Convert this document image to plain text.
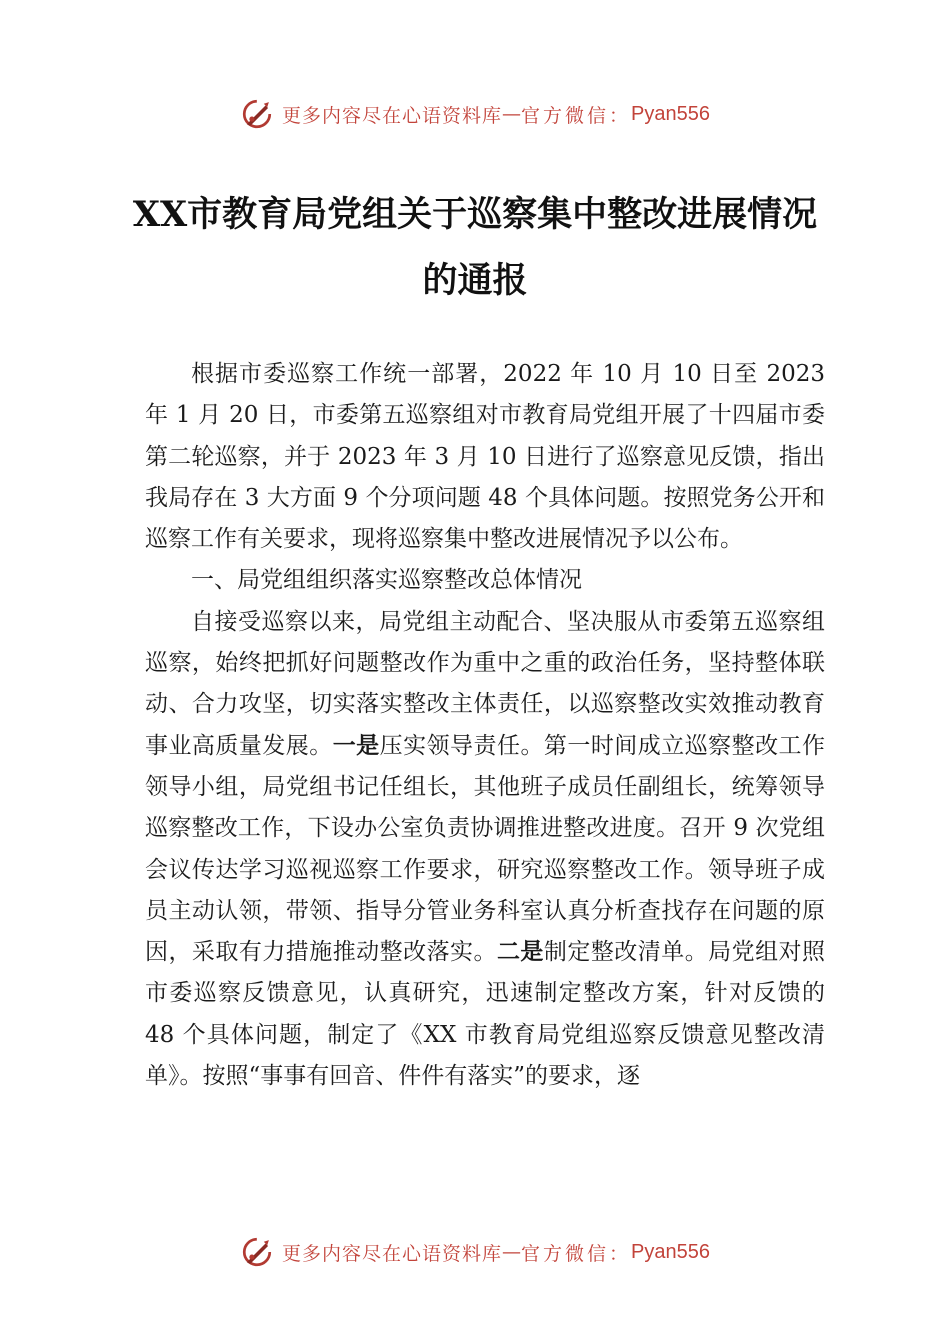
更多内容尽在心语资料库 — 官方微信： Pyan556
XX市教育局党组关于巡察集中整改进展情况的通报

根据市委巡察工作统一部署，2022 年 10 月 10 日至 2023 年 1 月 20 日，市委第五巡察组对市教育局党组开展了十四届市委第二轮巡察，并于 2023 年 3 月 10 日进行了巡察意见反馈，指出我局存在 3 大方面 9 个分项问题 48 个具体问题。按照党务公开和巡察工作有关要求，现将巡察集中整改进展情况予以公布。

一、局党组组织落实巡察整改总体情况

自接受巡察以来，局党组主动配合、坚决服从市委第五巡察组巡察，始终把抓好问题整改作为重中之重的政治任务，坚持整体联动、合力攻坚，切实落实整改主体责任，以巡察整改实效推动教育事业高质量发展。一是压实领导责任。第一时间成立巡察整改工作领导小组，局党组书记任组长，其他班子成员任副组长，统筹领导巡察整改工作，下设办公室负责协调推进整改进度。召开 9 次党组会议传达学习巡视巡察工作要求，研究巡察整改工作。领导班子成员主动认领，带领、指导分管业务科室认真分析查找存在问题的原因，采取有力措施推动整改落实。二是制定整改清单。局党组对照市委巡察反馈意见，认真研究，迅速制定整改方案，针对反馈的 48 个具体问题，制定了《XX 市教育局党组巡察反馈意见整改清单》。按照“事事有回音、件件有落实”的要求，逐

更多内容尽在心语资料库 — 官方微信： Pyan556
